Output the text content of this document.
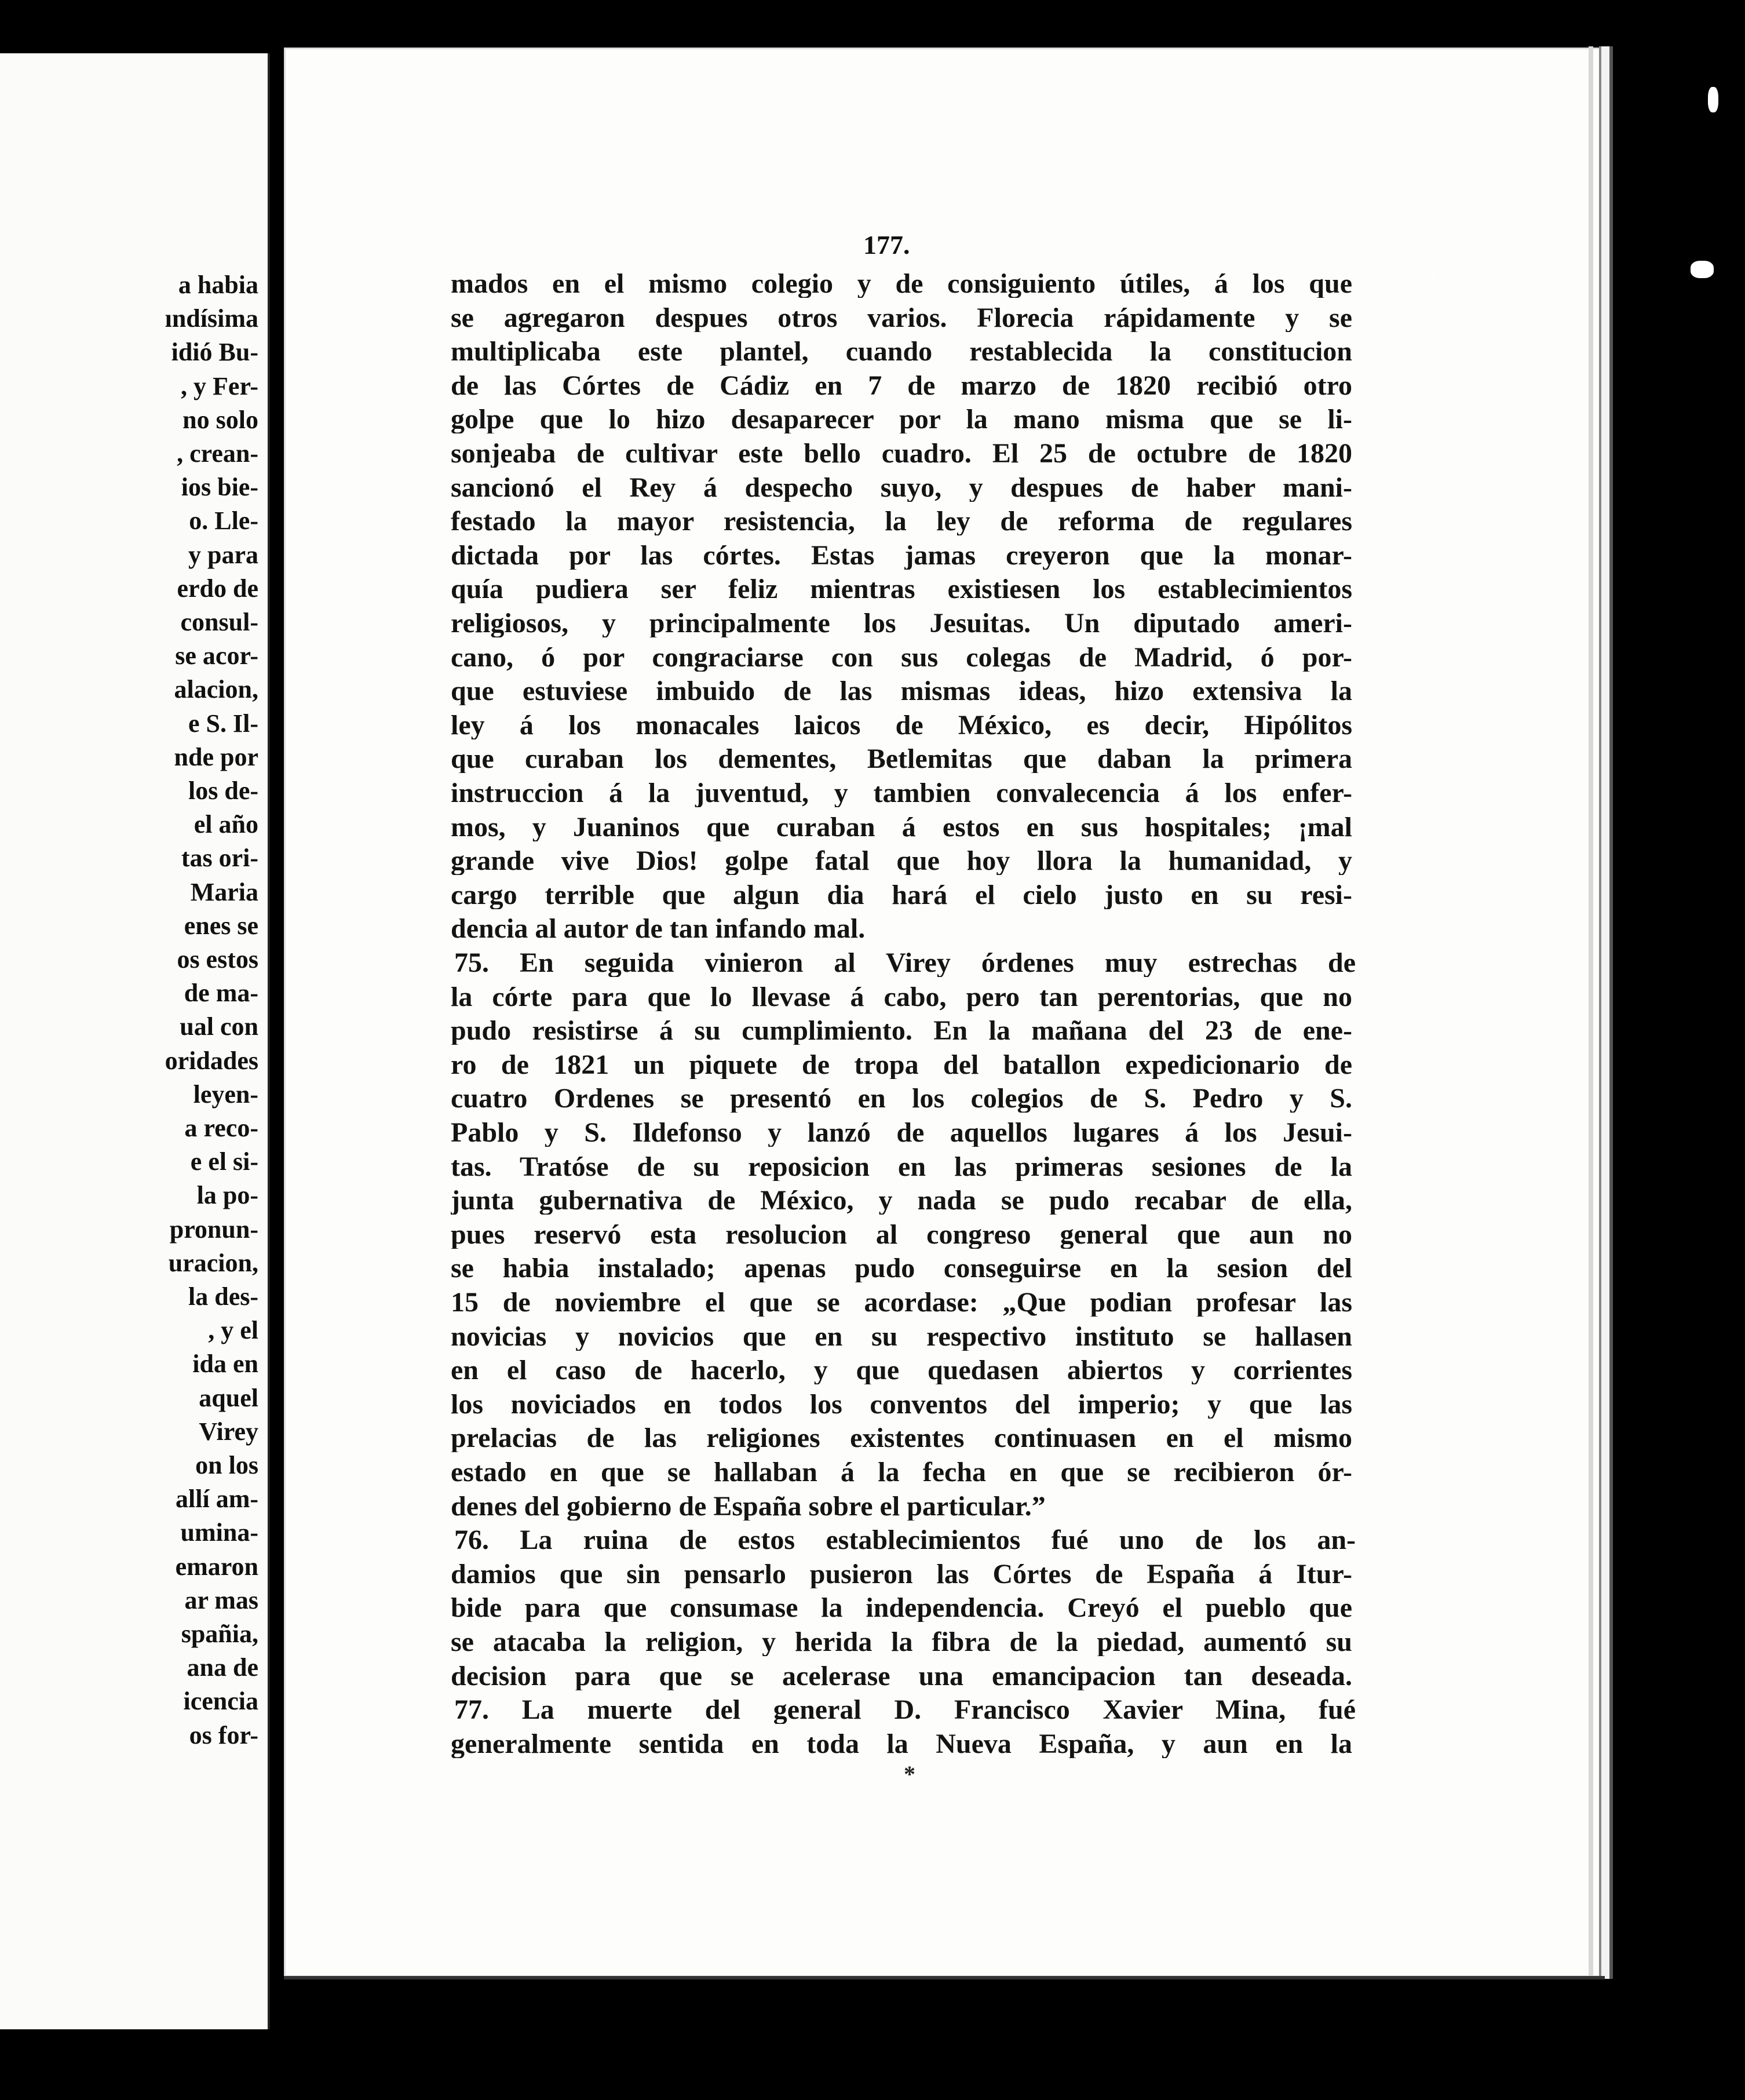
a habia
ındísima
idió Bu-
, y Fer-
no solo
, crean-
ios bie-
o. Lle-
y para
erdo de
consul-
se acor-
alacion,
e S. Il-
nde por
los de-
el año
tas ori-
Maria
enes se
os estos
de ma-
ual con
oridades
leyen-
a reco-
e el si-
la po-
pronun-
uracion,
la des-
, y el
ida en
aquel
Virey
on los
allí am-
umina-
emaron
ar mas
spañia,
ana de
icencia
os for-
177.
mados en el mismo colegio y de consiguiento útiles, á los que
se agregaron despues otros varios. Florecia rápidamente y se
multiplicaba este plantel, cuando restablecida la constitucion
de las Córtes de Cádiz en 7 de marzo de 1820 recibió otro
golpe que lo hizo desaparecer por la mano misma que se li-
sonjeaba de cultivar este bello cuadro. El 25 de octubre de 1820
sancionó el Rey á despecho suyo, y despues de haber mani-
festado la mayor resistencia, la ley de reforma de regulares
dictada por las córtes. Estas jamas creyeron que la monar-
quía pudiera ser feliz mientras existiesen los establecimientos
religiosos, y principalmente los Jesuitas. Un diputado ameri-
cano, ó por congraciarse con sus colegas de Madrid, ó por-
que estuviese imbuido de las mismas ideas, hizo extensiva la
ley á los monacales laicos de México, es decir, Hipólitos
que curaban los dementes, Betlemitas que daban la primera
instruccion á la juventud, y tambien convalecencia á los enfer-
mos, y Juaninos que curaban á estos en sus hospitales; ¡mal
grande vive Dios! golpe fatal que hoy llora la humanidad, y
cargo terrible que algun dia hará el cielo justo en su resi-
dencia al autor de tan infando mal.
75. En seguida vinieron al Virey órdenes muy estrechas de
la córte para que lo llevase á cabo, pero tan perentorias, que no
pudo resistirse á su cumplimiento. En la mañana del 23 de ene-
ro de 1821 un piquete de tropa del batallon expedicionario de
cuatro Ordenes se presentó en los colegios de S. Pedro y S.
Pablo y S. Ildefonso y lanzó de aquellos lugares á los Jesui-
tas. Tratóse de su reposicion en las primeras sesiones de la
junta gubernativa de México, y nada se pudo recabar de ella,
pues reservó esta resolucion al congreso general que aun no
se habia instalado; apenas pudo conseguirse en la sesion del
15 de noviembre el que se acordase: „Que podian profesar las
novicias y novicios que en su respectivo instituto se hallasen
en el caso de hacerlo, y que quedasen abiertos y corrientes
los noviciados en todos los conventos del imperio; y que las
prelacias de las religiones existentes continuasen en el mismo
estado en que se hallaban á la fecha en que se recibieron ór-
denes del gobierno de España sobre el particular.”
76. La ruina de estos establecimientos fué uno de los an-
damios que sin pensarlo pusieron las Córtes de España á Itur-
bide para que consumase la independencia. Creyó el pueblo que
se atacaba la religion, y herida la fibra de la piedad, aumentó su
decision para que se acelerase una emancipacion tan deseada.
77. La muerte del general D. Francisco Xavier Mina, fué
generalmente sentida en toda la Nueva España, y aun en la
*
